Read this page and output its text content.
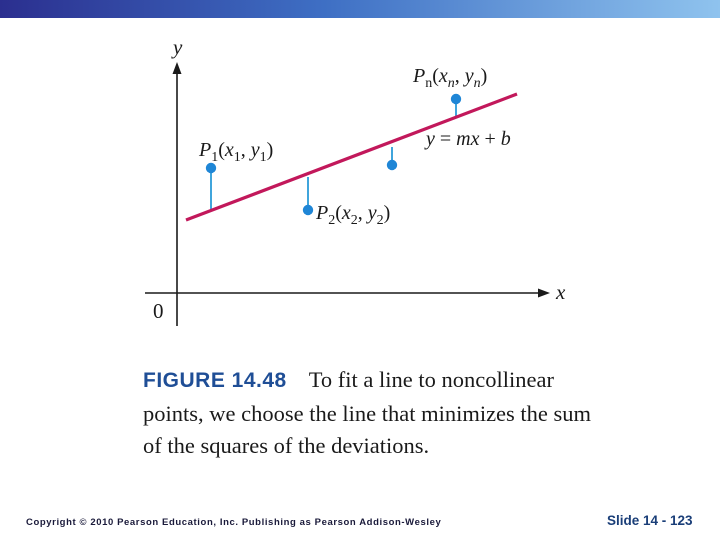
y
x
0
$P_1(x_1$, $y_1$)
$P_2(x_2$, $y_2$)
$P_n(x_n$, $y_n$)
y = mx + b
FIGURE 14.48 To fit a line to noncollinear points, we choose the line that minimizes the sum of the squares of the deviations.
Copyright © 2010 Pearson Education, Inc. Publishing as Pearson Addison-Wesley	Slide 14 - 123
